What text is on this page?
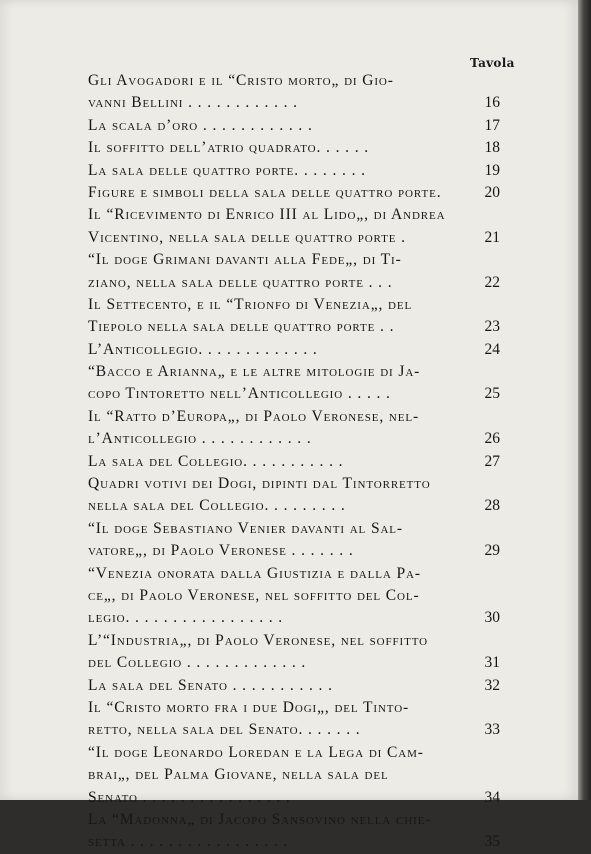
Tavola
Gli Avogadori e il “Cristo morto„ di Gio-
vanni Bellini . . . . . . . . . . . .	16
La scala d’oro . . . . . . . . . . . .	17
Il soffitto dell’atrio quadrato. . . . . .	18
La sala delle quattro porte. . . . . . . .	19
Figure e simboli della sala delle quattro porte.	20
Il “Ricevimento di Enrico III al Lido„, di Andrea
Vicentino, nella sala delle quattro porte .	21
“Il doge Grimani davanti alla Fede„, di Ti-
ziano, nella sala delle quattro porte . . .	22
Il Settecento, e il “Trionfo di Venezia„, del
Tiepolo nella sala delle quattro porte . .	23
L’Anticollegio. . . . . . . . . . . . .	24
“Bacco e Arianna„ e le altre mitologie di Ja-
copo Tintoretto nell’Anticollegio . . . . .	25
Il “Ratto d’Europa„, di Paolo Veronese, nel-
l’Anticollegio . . . . . . . . . . . .	26
La sala del Collegio. . . . . . . . . . .	27
Quadri votivi dei Dogi, dipinti dal Tintorretto
nella sala del Collegio. . . . . . . . .	28
“Il doge Sebastiano Venier davanti al Sal-
vatore„, di Paolo Veronese . . . . . . .	29
“Venezia onorata dalla Giustizia e dalla Pa-
ce„, di Paolo Veronese, nel soffitto del Col-
legio. . . . . . . . . . . . . . . . .	30
L’“Industria„, di Paolo Veronese, nel soffitto
del Collegio . . . . . . . . . . . . .	31
La sala del Senato . . . . . . . . . . .	32
Il “Cristo morto fra i due Dogi„, del Tinto-
retto, nella sala del Senato. . . . . . .	33
“Il doge Leonardo Loredan e la Lega di Cam-
brai„, del Palma Giovane, nella sala del
Senato . . . . . . . . . . . . . . . .	34
La “Madonna„ di Jacopo Sansovino nella chie-
setta . . . . . . . . . . . . . . . . .	35
